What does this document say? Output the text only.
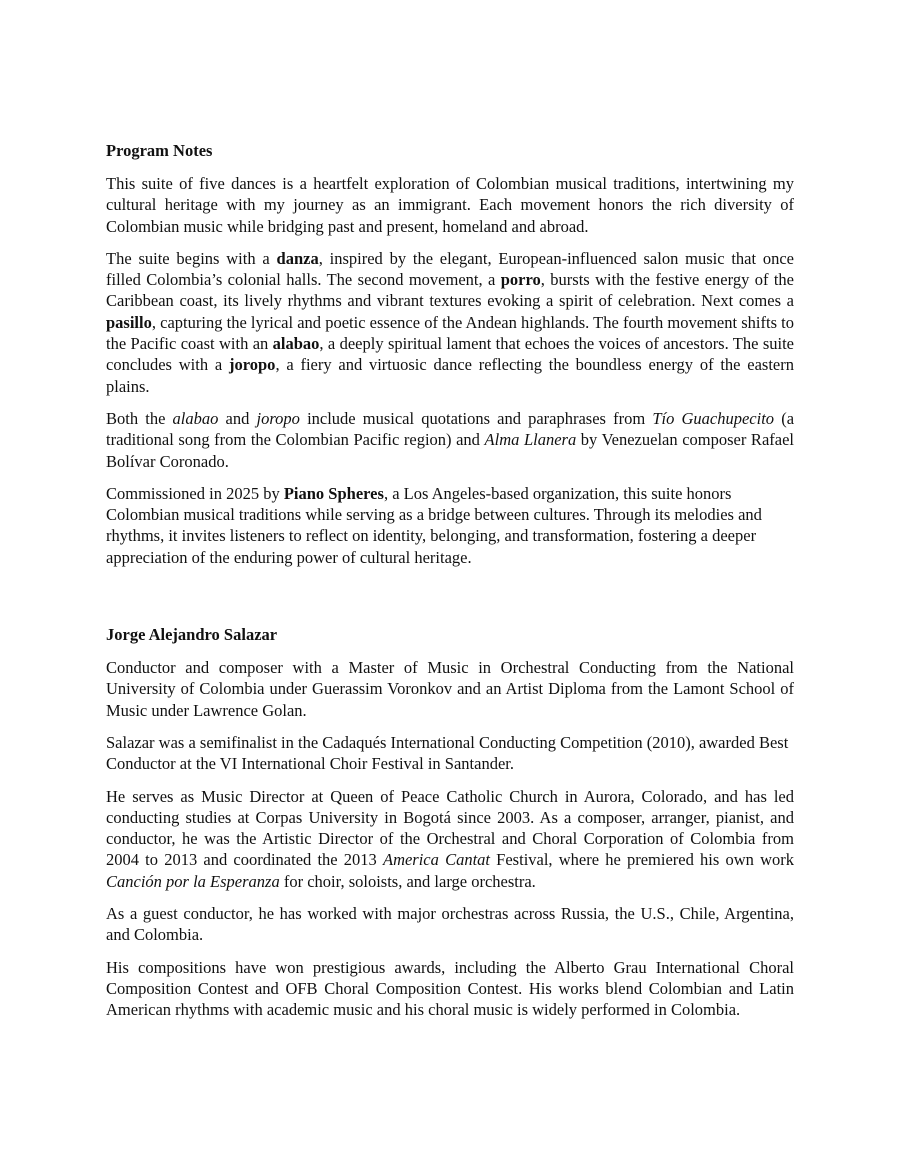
Program Notes

This suite of five dances is a heartfelt exploration of Colombian musical traditions, intertwining my cultural heritage with my journey as an immigrant. Each movement honors the rich diversity of Colombian music while bridging past and present, homeland and abroad.

The suite begins with a danza, inspired by the elegant, European-influenced salon music that once filled Colombia’s colonial halls. The second movement, a porro, bursts with the festive energy of the Caribbean coast, its lively rhythms and vibrant textures evoking a spirit of celebration. Next comes a pasillo, capturing the lyrical and poetic essence of the Andean highlands. The fourth movement shifts to the Pacific coast with an alabao, a deeply spiritual lament that echoes the voices of ancestors. The suite concludes with a joropo, a fiery and virtuosic dance reflecting the boundless energy of the eastern plains.

Both the alabao and joropo include musical quotations and paraphrases from Tío Guachupecito (a traditional song from the Colombian Pacific region) and Alma Llanera by Venezuelan composer Rafael Bolívar Coronado.

Commissioned in 2025 by Piano Spheres, a Los Angeles-based organization, this suite honors Colombian musical traditions while serving as a bridge between cultures. Through its melodies and rhythms, it invites listeners to reflect on identity, belonging, and transformation, fostering a deeper appreciation of the enduring power of cultural heritage.

Jorge Alejandro Salazar

Conductor and composer with a Master of Music in Orchestral Conducting from the National University of Colombia under Guerassim Voronkov and an Artist Diploma from the Lamont School of Music under Lawrence Golan.

Salazar was a semifinalist in the Cadaqués International Conducting Competition (2010), awarded Best Conductor at the VI International Choir Festival in Santander.

He serves as Music Director at Queen of Peace Catholic Church in Aurora, Colorado, and has led conducting studies at Corpas University in Bogotá since 2003. As a composer, arranger, pianist, and conductor, he was the Artistic Director of the Orchestral and Choral Corporation of Colombia from 2004 to 2013 and coordinated the 2013 America Cantat Festival, where he premiered his own work Canción por la Esperanza for choir, soloists, and large orchestra.

As a guest conductor, he has worked with major orchestras across Russia, the U.S., Chile, Argentina, and Colombia.

His compositions have won prestigious awards, including the Alberto Grau International Choral Composition Contest and OFB Choral Composition Contest. His works blend Colombian and Latin American rhythms with academic music and his choral music is widely performed in Colombia.
